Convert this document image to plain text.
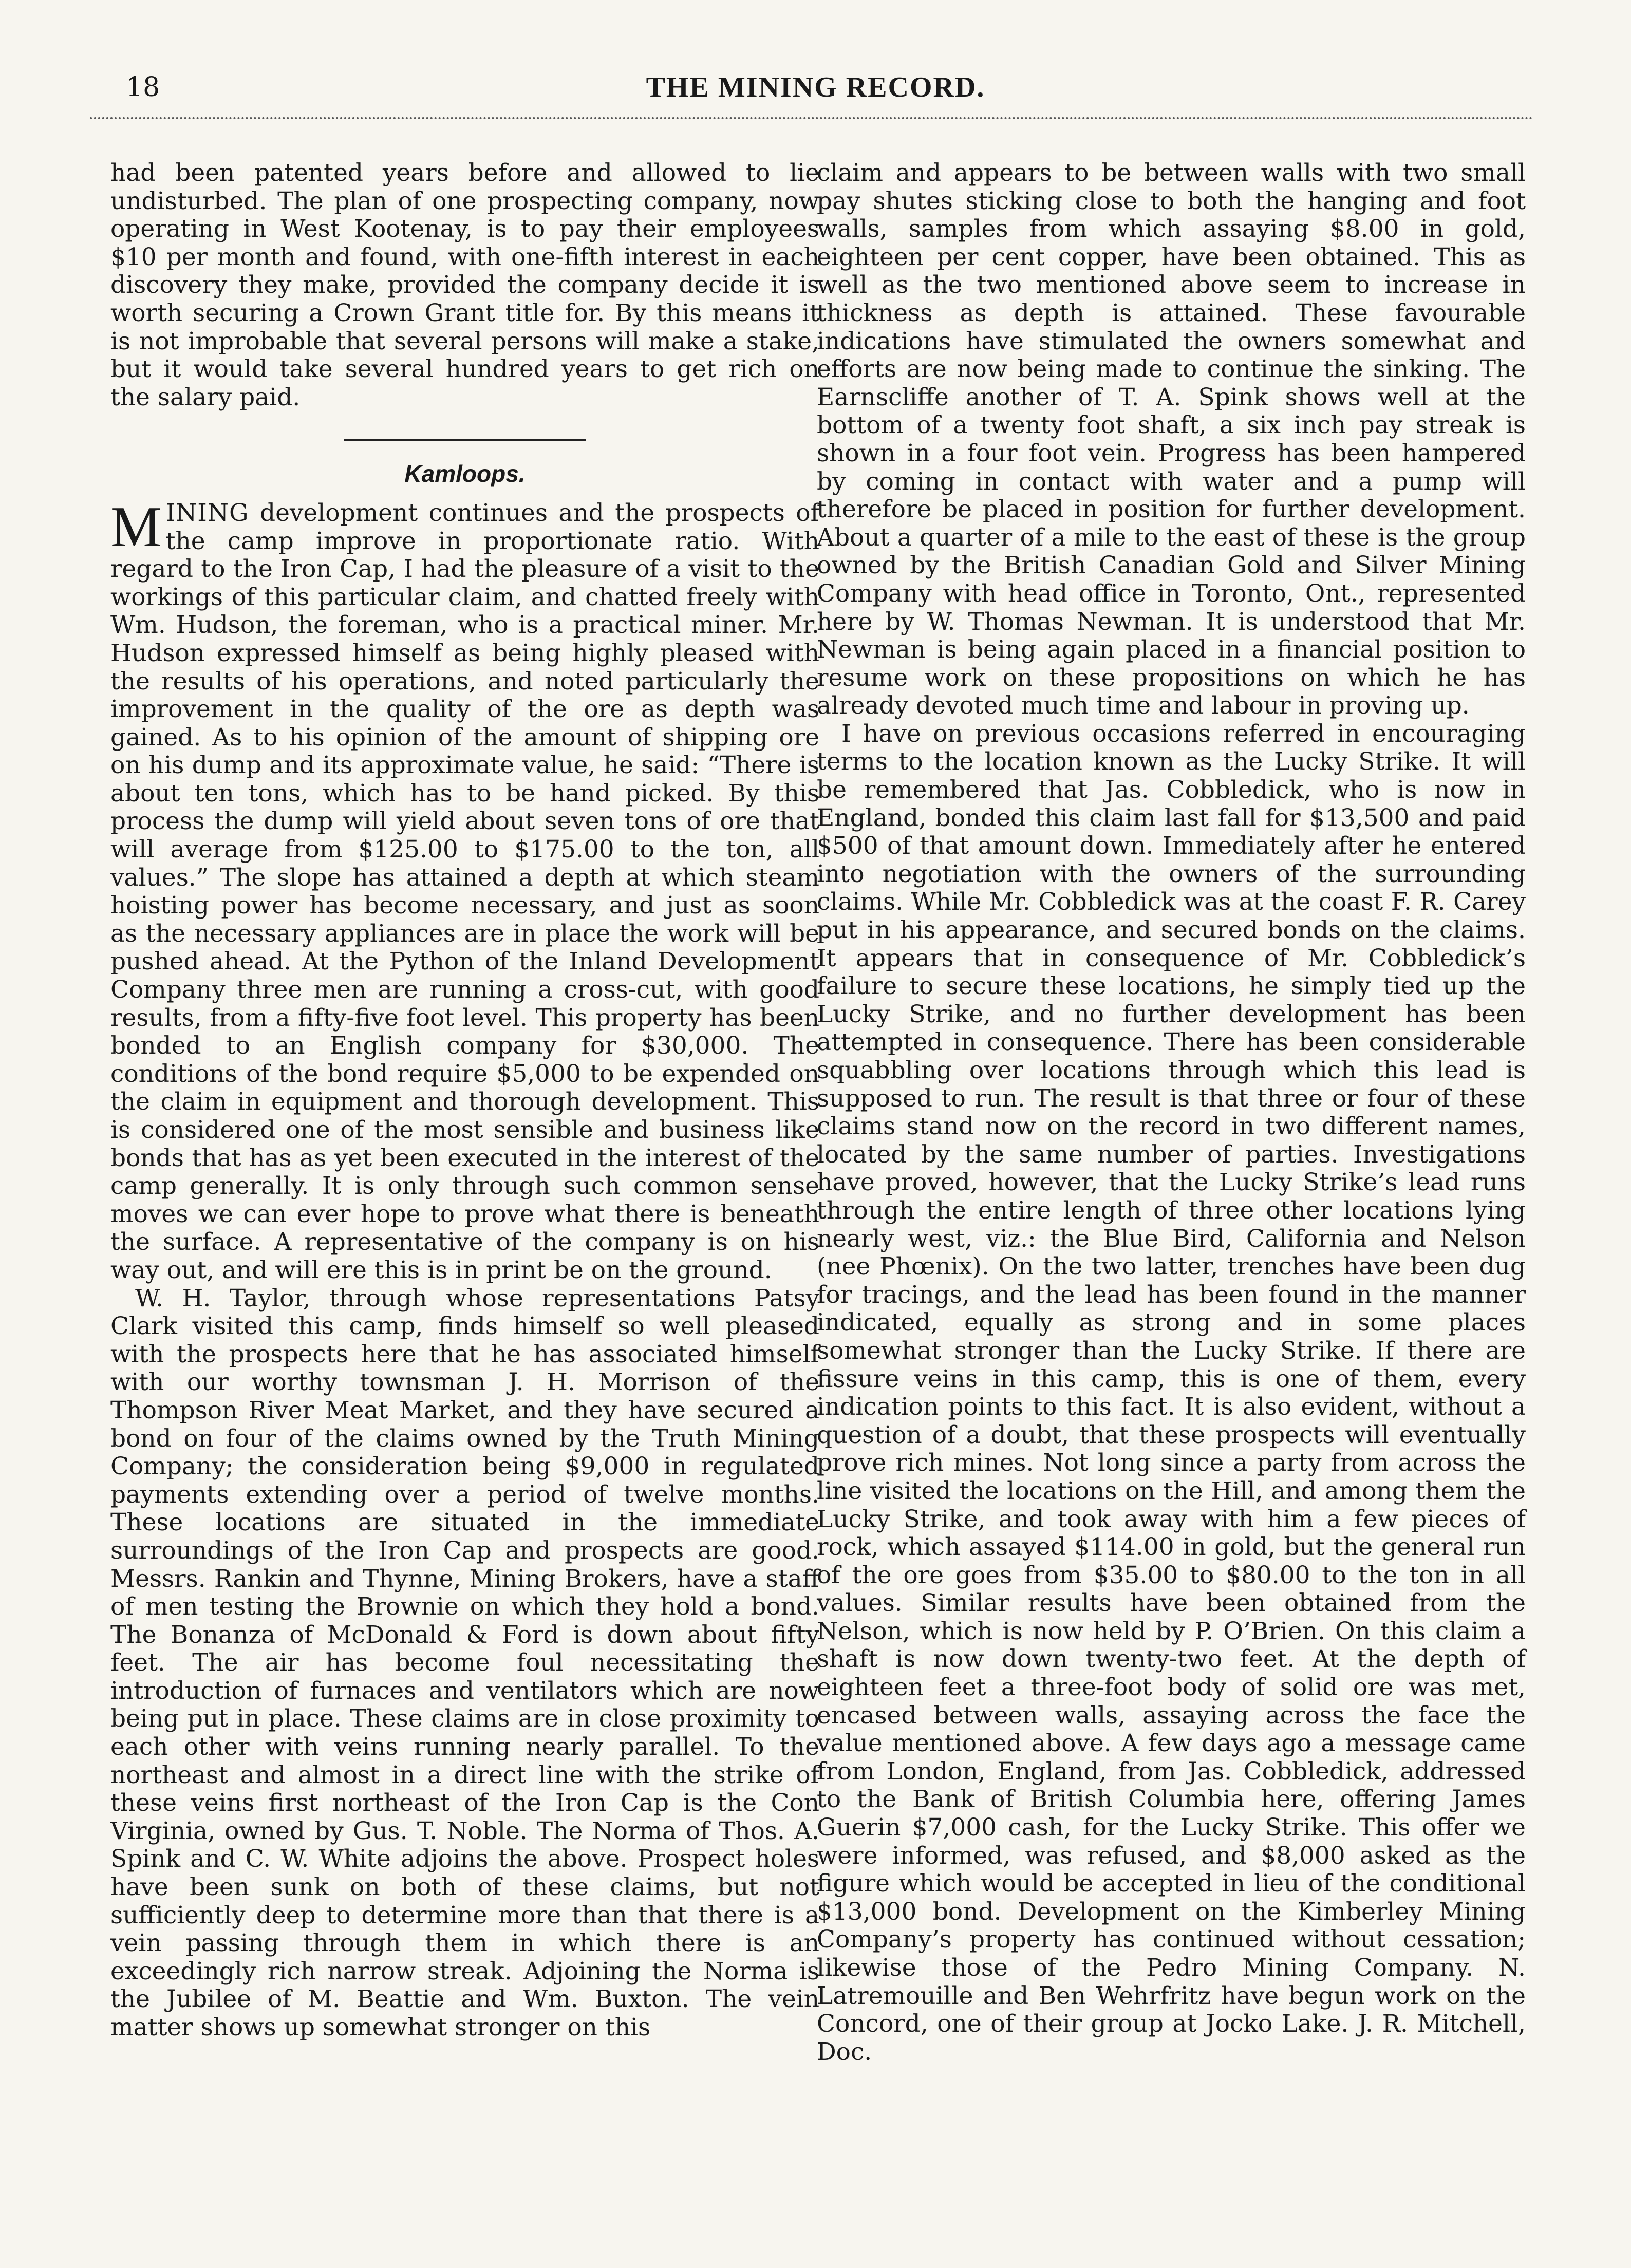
18	THE MINING RECORD.

had been patented years before and allowed to lie undisturbed. The plan of one prospecting company, now operating in West Kootenay, is to pay their employees $10 per month and found, with one-fifth interest in each discovery they make, provided the company decide it is worth securing a Crown Grant title for. By this means it is not improbable that several persons will make a stake, but it would take several hundred years to get rich on the salary paid.

Kamloops.

MINING development continues and the prospects of the camp improve in proportionate ratio. With regard to the Iron Cap, I had the pleasure of a visit to the workings of this particular claim, and chatted freely with Wm. Hudson, the foreman, who is a practical miner. Mr. Hudson expressed himself as being highly pleased with the results of his operations, and noted particularly the improvement in the quality of the ore as depth was gained. As to his opinion of the amount of shipping ore on his dump and its approximate value, he said: “There is about ten tons, which has to be hand picked. By this process the dump will yield about seven tons of ore that will average from $125.00 to $175.00 to the ton, all values.” The slope has attained a depth at which steam hoisting power has become necessary, and just as soon as the necessary appliances are in place the work will be pushed ahead. At the Python of the Inland Development Company three men are running a cross-cut, with good results, from a fifty-five foot level. This property has been bonded to an English company for $30,000. The conditions of the bond require $5,000 to be expended on the claim in equipment and thorough development. This is considered one of the most sensible and business like bonds that has as yet been executed in the interest of the camp generally. It is only through such common sense moves we can ever hope to prove what there is beneath the surface. A representative of the company is on his way out, and will ere this is in print be on the ground.

W. H. Taylor, through whose representations Patsy Clark visited this camp, finds himself so well pleased with the prospects here that he has associated himself with our worthy townsman J. H. Morrison of the Thompson River Meat Market, and they have secured a bond on four of the claims owned by the Truth Mining Company; the consideration being $9,000 in regulated payments extending over a period of twelve months. These locations are situated in the immediate surroundings of the Iron Cap and prospects are good. Messrs. Rankin and Thynne, Mining Brokers, have a staff of men testing the Brownie on which they hold a bond. The Bonanza of McDonald & Ford is down about fifty feet. The air has become foul necessitating the introduction of furnaces and ventilators which are now being put in place. These claims are in close proximity to each other with veins running nearly parallel. To the northeast and almost in a direct line with the strike of these veins first northeast of the Iron Cap is the Con Virginia, owned by Gus. T. Noble. The Norma of Thos. A. Spink and C. W. White adjoins the above. Prospect holes have been sunk on both of these claims, but not sufficiently deep to determine more than that there is a vein passing through them in which there is an exceedingly rich narrow streak. Adjoining the Norma is the Jubilee of M. Beattie and Wm. Buxton. The vein matter shows up somewhat stronger on this

claim and appears to be between walls with two small pay shutes sticking close to both the hanging and foot walls, samples from which assaying $8.00 in gold, eighteen per cent copper, have been obtained. This as well as the two mentioned above seem to increase in thickness as depth is attained. These favourable indications have stimulated the owners somewhat and efforts are now being made to continue the sinking. The Earnscliffe another of T. A. Spink shows well at the bottom of a twenty foot shaft, a six inch pay streak is shown in a four foot vein. Progress has been hampered by coming in contact with water and a pump will therefore be placed in position for further development. About a quarter of a mile to the east of these is the group owned by the British Canadian Gold and Silver Mining Company with head office in Toronto, Ont., represented here by W. Thomas Newman. It is understood that Mr. Newman is being again placed in a financial position to resume work on these propositions on which he has already devoted much time and labour in proving up.

I have on previous occasions referred in encouraging terms to the location known as the Lucky Strike. It will be remembered that Jas. Cobbledick, who is now in England, bonded this claim last fall for $13,500 and paid $500 of that amount down. Immediately after he entered into negotiation with the owners of the surrounding claims. While Mr. Cobbledick was at the coast F. R. Carey put in his appearance, and secured bonds on the claims. It appears that in consequence of Mr. Cobbledick’s failure to secure these locations, he simply tied up the Lucky Strike, and no further development has been attempted in consequence. There has been considerable squabbling over locations through which this lead is supposed to run. The result is that three or four of these claims stand now on the record in two different names, located by the same number of parties. Investigations have proved, however, that the Lucky Strike’s lead runs through the entire length of three other locations lying nearly west, viz.: the Blue Bird, California and Nelson (nee Phœnix). On the two latter, trenches have been dug for tracings, and the lead has been found in the manner indicated, equally as strong and in some places somewhat stronger than the Lucky Strike. If there are fissure veins in this camp, this is one of them, every indication points to this fact. It is also evident, without a question of a doubt, that these prospects will eventually prove rich mines. Not long since a party from across the line visited the locations on the Hill, and among them the Lucky Strike, and took away with him a few pieces of rock, which assayed $114.00 in gold, but the general run of the ore goes from $35.00 to $80.00 to the ton in all values. Similar results have been obtained from the Nelson, which is now held by P. O’Brien. On this claim a shaft is now down twenty-two feet. At the depth of eighteen feet a three-foot body of solid ore was met, encased between walls, assaying across the face the value mentioned above. A few days ago a message came from London, England, from Jas. Cobbledick, addressed to the Bank of British Columbia here, offering James Guerin $7,000 cash, for the Lucky Strike. This offer we were informed, was refused, and $8,000 asked as the figure which would be accepted in lieu of the conditional $13,000 bond. Development on the Kimberley Mining Company’s property has continued without cessation; likewise those of the Pedro Mining Company. N. Latremouille and Ben Wehrfritz have begun work on the Concord, one of their group at Jocko Lake. J. R. Mitchell, Doc.
